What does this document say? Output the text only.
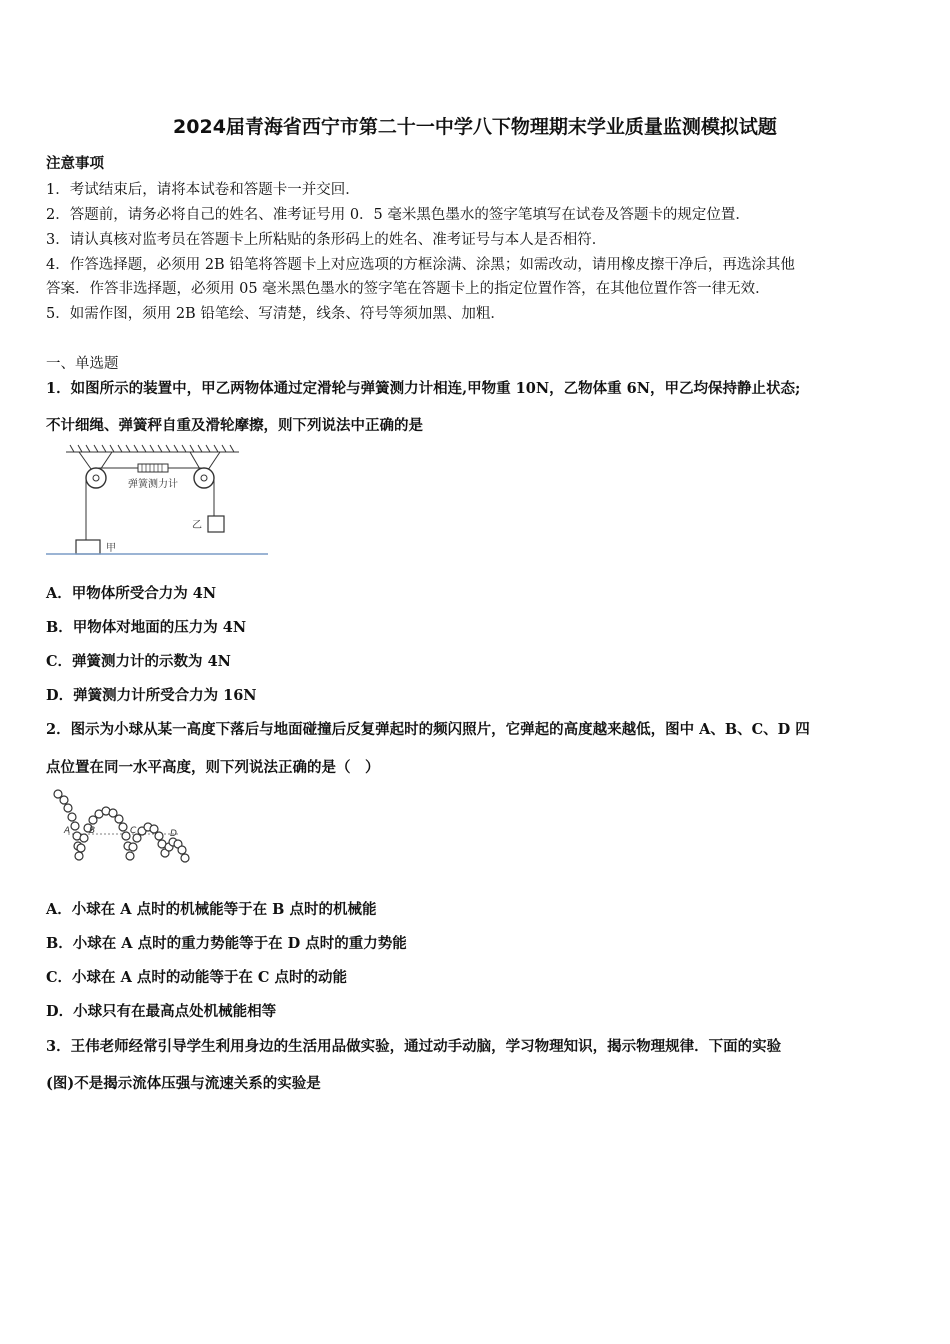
2024届青海省西宁市第二十一中学八下物理期末学业质量监测模拟试题
注意事项
1．考试结束后，请将本试卷和答题卡一并交回．
2．答题前，请务必将自己的姓名、准考证号用 0．5 毫米黑色墨水的签字笔填写在试卷及答题卡的规定位置．
3．请认真核对监考员在答题卡上所粘贴的条形码上的姓名、准考证号与本人是否相符．
4．作答选择题，必须用 2B 铅笔将答题卡上对应选项的方框涂满、涂黑；如需改动，请用橡皮擦干净后，再选涂其他
答案．作答非选择题，必须用 05 毫米黑色墨水的签字笔在答题卡上的指定位置作答，在其他位置作答一律无效．
5．如需作图，须用 2B 铅笔绘、写清楚，线条、符号等须加黑、加粗．
一、单选题
1．如图所示的装置中，甲乙两物体通过定滑轮与弹簧测力计相连,甲物重 10N，乙物体重 6N，甲乙均保持静止状态;
不计细绳、弹簧秤自重及滑轮摩擦，则下列说法中正确的是
弹簧测力计
乙
甲
A．甲物体所受合力为 4N
B．甲物体对地面的压力为 4N
C．弹簧测力计的示数为 4N
D．弹簧测力计所受合力为 16N
2．图示为小球从某一高度下落后与地面碰撞后反复弹起时的频闪照片，它弹起的高度越来越低，图中 A、B、C、D 四
点位置在同一水平高度，则下列说法正确的是（　）
A B	C	D
A．小球在 A 点时的机械能等于在 B 点时的机械能
B．小球在 A 点时的重力势能等于在 D 点时的重力势能
C．小球在 A 点时的动能等于在 C 点时的动能
D．小球只有在最高点处机械能相等
3．王伟老师经常引导学生利用身边的生活用品做实验，通过动手动脑，学习物理知识，揭示物理规律．下面的实验
(图)不是揭示流体压强与流速关系的实验是
